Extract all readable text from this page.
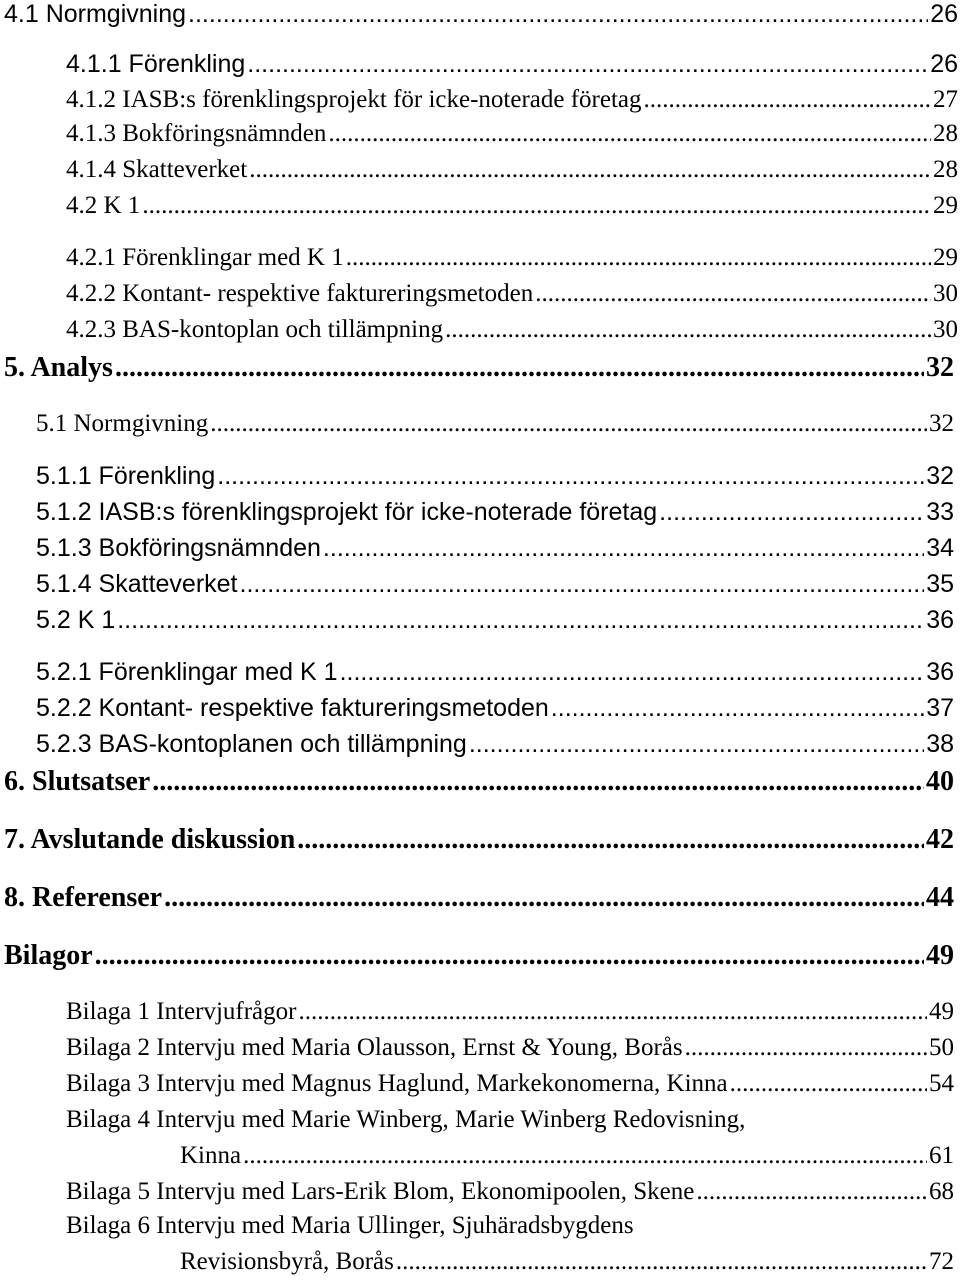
4.1 Normgivning .....	26
4.1.1 Förenkling .....	26
4.1.2 IASB:s förenklingsprojekt för icke-noterade företag .....	27
4.1.3 Bokföringsnämnden .....	28
4.1.4 Skatteverket .....	28
4.2 K 1 .....	29
4.2.1 Förenklingar med K 1 .....	29
4.2.2 Kontant- respektive faktureringsmetoden .....	30
4.2.3 BAS-kontoplan och tillämpning .....	30
5. Analys .....	32
5.1 Normgivning .....	32
5.1.1 Förenkling .....	32
5.1.2 IASB:s förenklingsprojekt för icke-noterade företag .....	33
5.1.3 Bokföringsnämnden .....	34
5.1.4 Skatteverket .....	35
5.2 K 1 .....	36
5.2.1 Förenklingar med K 1 .....	36
5.2.2 Kontant- respektive faktureringsmetoden .....	37
5.2.3 BAS-kontoplanen och tillämpning .....	38
6. Slutsatser .....	40
7. Avslutande diskussion .....	42
8. Referenser .....	44
Bilagor .....	49
Bilaga 1 Intervjufrågor .....	49
Bilaga 2 Intervju med Maria Olausson, Ernst & Young, Borås .....	50
Bilaga 3 Intervju med Magnus Haglund, Markekonomerna, Kinna .....	54
Bilaga 4 Intervju med Marie Winberg, Marie Winberg Redovisning,
Kinna .....	61
Bilaga 5 Intervju med Lars-Erik Blom, Ekonomipoolen, Skene .....	68
Bilaga 6 Intervju med Maria Ullinger, Sjuhäradsbygdens
Revisionsbyrå, Borås .....	72
